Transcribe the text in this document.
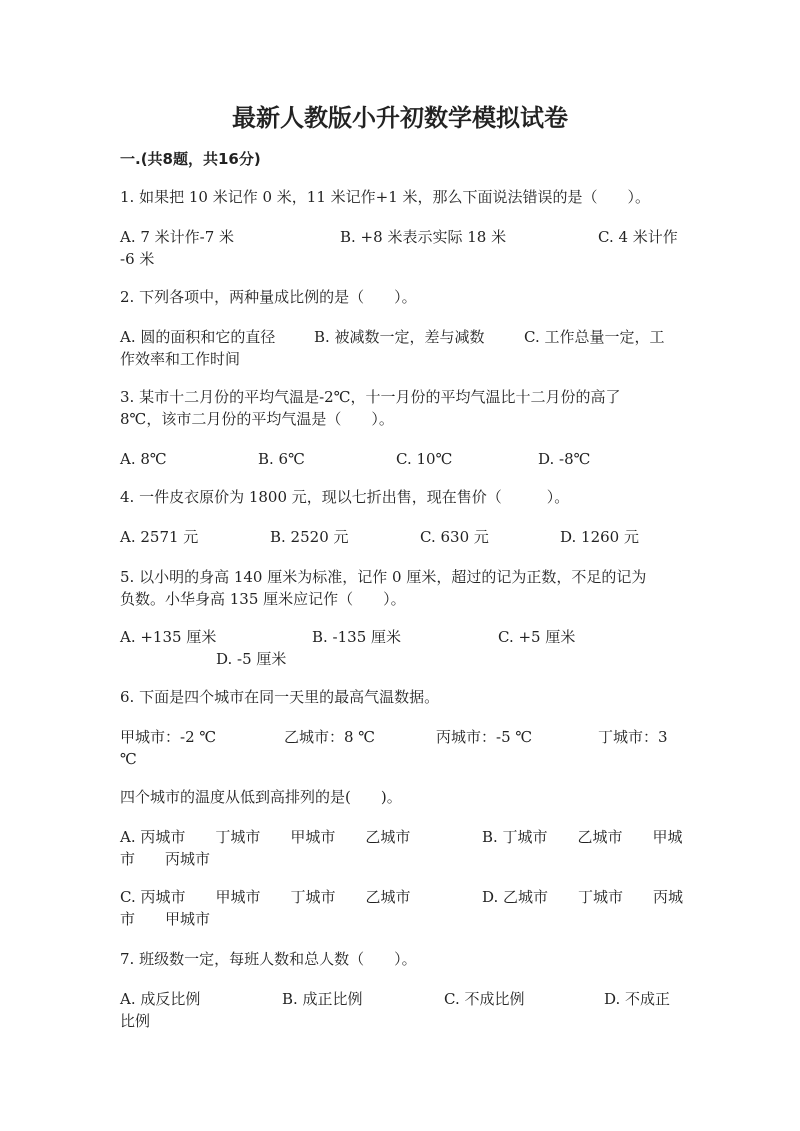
最新人教版小升初数学模拟试卷
一.(共8题，共16分)
1. 如果把 10 米记作 0 米，11 米记作+1 米，那么下面说法错误的是（　　）。
A. 7 米计作-7 米	B. +8 米表示实际 18 米	C. 4 米计作
-6 米
2. 下列各项中，两种量成比例的是（　　）。
A. 圆的面积和它的直径	B. 被减数一定，差与减数	C. 工作总量一定，工
作效率和工作时间
3. 某市十二月份的平均气温是-2℃，十一月份的平均气温比十二月份的高了
8℃，该市二月份的平均气温是（　　）。
A. 8℃	B. 6℃	C. 10℃	D. -8℃
4. 一件皮衣原价为 1800 元，现以七折出售，现在售价（　　　）。
A. 2571 元	B. 2520 元	C. 630 元	D. 1260 元
5. 以小明的身高 140 厘米为标准，记作 0 厘米，超过的记为正数，不足的记为
负数。小华身高 135 厘米应记作（　　）。
A. +135 厘米	B. -135 厘米	C. +5 厘米
D. -5 厘米
6. 下面是四个城市在同一天里的最高气温数据。
甲城市：-2 ℃	乙城市：8 ℃	丙城市：-5 ℃	丁城市：3
℃
四个城市的温度从低到高排列的是(　　)。
A. 丙城市　　丁城市　　甲城市　　乙城市	B. 丁城市　　乙城市　　甲城
市　　丙城市
C. 丙城市　　甲城市　　丁城市　　乙城市	D. 乙城市　　丁城市　　丙城
市　　甲城市
7. 班级数一定，每班人数和总人数（　　）。
A. 成反比例	B. 成正比例	C. 不成比例	D. 不成正
比例
